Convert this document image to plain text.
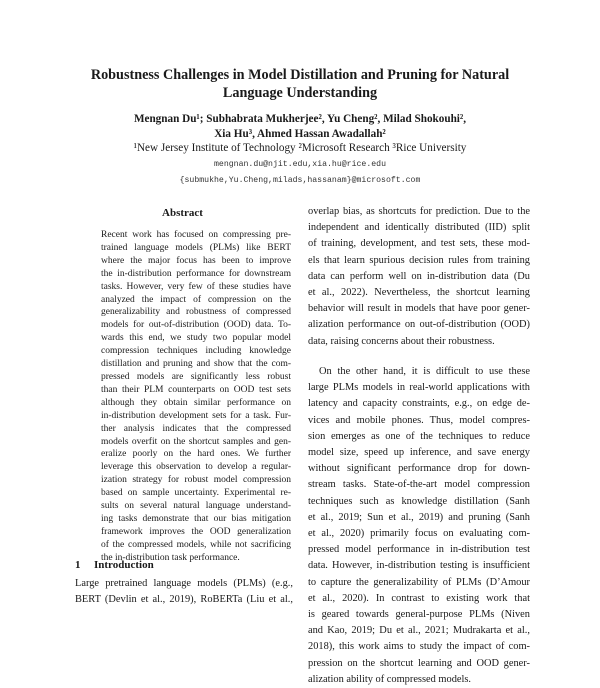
Robustness Challenges in Model Distillation and Pruning for Natural
Language Understanding
Mengnan Du¹; Subhabrata Mukherjee², Yu Cheng², Milad Shokouhi²,
Xia Hu³, Ahmed Hassan Awadallah²
¹New Jersey Institute of Technology ²Microsoft Research ³Rice University
mengnan.du@njit.edu,xia.hu@rice.edu
{submukhe,Yu.Cheng,milads,hassanam}@microsoft.com
Abstract
Recent work has focused on compressing pre-
trained language models (PLMs) like BERT
where the major focus has been to improve
the in-distribution performance for downstream
tasks. However, very few of these studies have
analyzed the impact of compression on the
generalizability and robustness of compressed
models for out-of-distribution (OOD) data. To-
wards this end, we study two popular model
compression techniques including knowledge
distillation and pruning and show that the com-
pressed models are significantly less robust
than their PLM counterparts on OOD test sets
although they obtain similar performance on
in-distribution development sets for a task. Fur-
ther analysis indicates that the compressed
models overfit on the shortcut samples and gen-
eralize poorly on the hard ones. We further
leverage this observation to develop a regular-
ization strategy for robust model compression
based on sample uncertainty. Experimental re-
sults on several natural language understand-
ing tasks demonstrate that our bias mitigation
framework improves the OOD generalization
of the compressed models, while not sacrificing
the in-distribution task performance.
1 Introduction
Large pretrained language models (PLMs) (e.g.,
BERT (Devlin et al., 2019), RoBERTa (Liu et al.,
overlap bias, as shortcuts for prediction. Due to the
independent and identically distributed (IID) split
of training, development, and test sets, these mod-
els that learn spurious decision rules from training
data can perform well on in-distribution data (Du
et al., 2022). Nevertheless, the shortcut learning
behavior will result in models that have poor gener-
alization performance on out-of-distribution (OOD)
data, raising concerns about their robustness.
On the other hand, it is difficult to use these
large PLMs models in real-world applications with
latency and capacity constraints, e.g., on edge de-
vices and mobile phones. Thus, model compres-
sion emerges as one of the techniques to reduce
model size, speed up inference, and save energy
without significant performance drop for down-
stream tasks. State-of-the-art model compression
techniques such as knowledge distillation (Sanh
et al., 2019; Sun et al., 2019) and pruning (Sanh
et al., 2020) primarily focus on evaluating com-
pressed model performance in in-distribution test
data. However, in-distribution testing is insufficient
to capture the generalizability of PLMs (D’Amour
et al., 2020). In contrast to existing work that
is geared towards general-purpose PLMs (Niven
and Kao, 2019; Du et al., 2021; Mudrakarta et al.,
2018), this work aims to study the impact of com-
pression on the shortcut learning and OOD gener-
alization ability of compressed models.
